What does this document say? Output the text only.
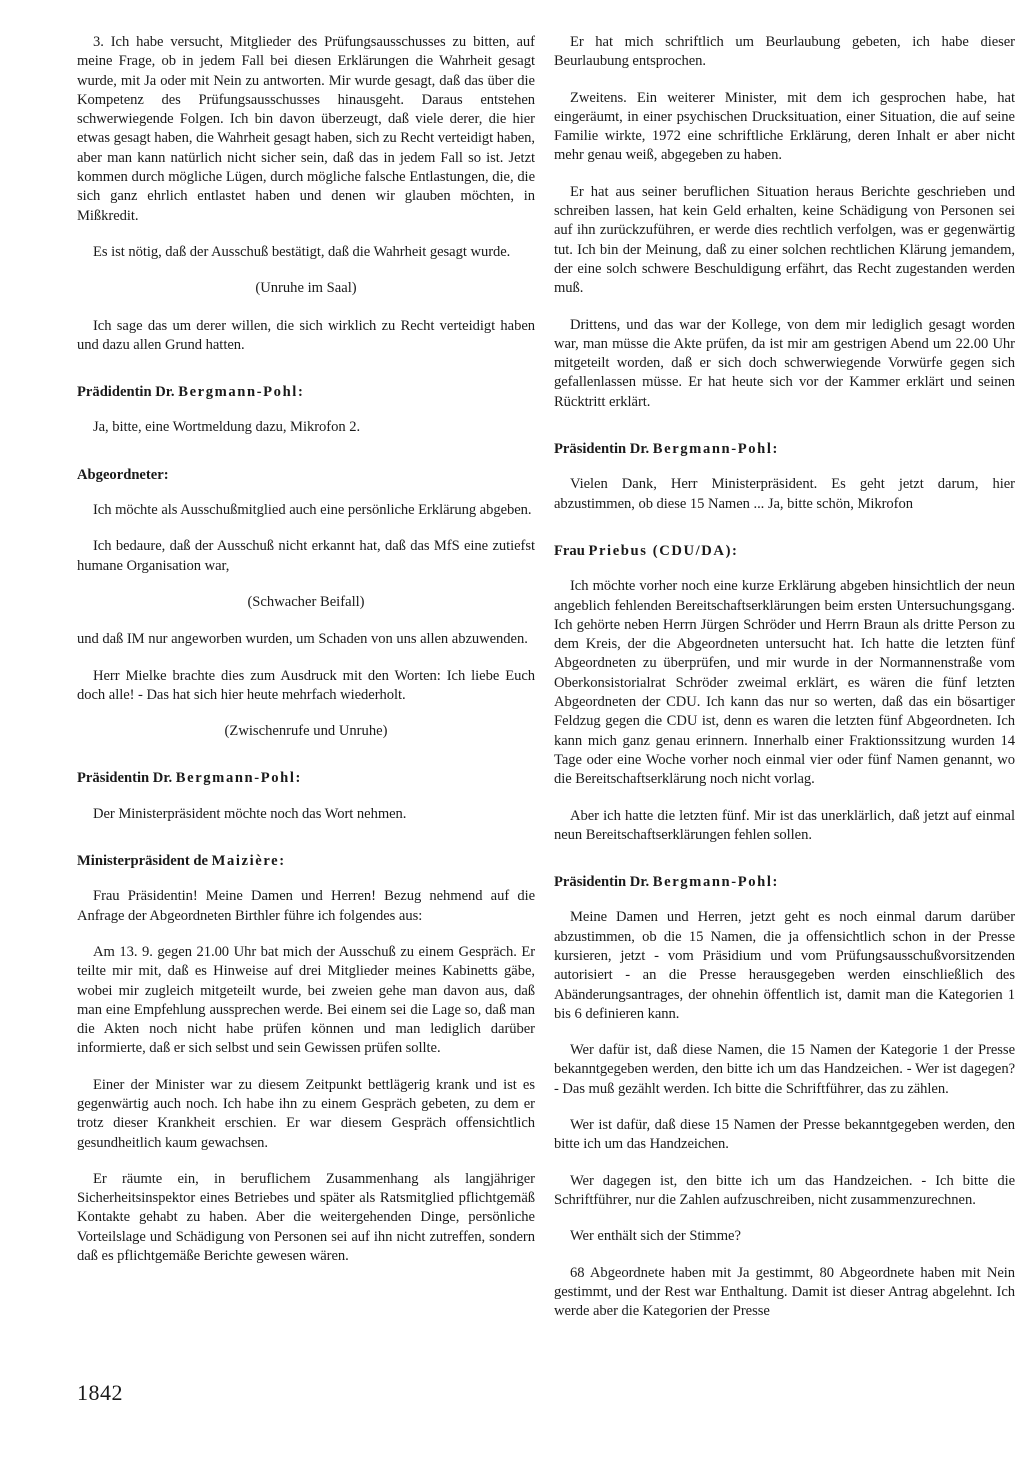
3. Ich habe versucht, Mitglieder des Prüfungsausschusses zu bitten, auf meine Frage, ob in jedem Fall bei diesen Erklärungen die Wahrheit gesagt wurde, mit Ja oder mit Nein zu antworten. Mir wurde gesagt, daß das über die Kompetenz des Prüfungsausschusses hinausgeht. Daraus entstehen schwerwiegende Folgen. Ich bin davon überzeugt, daß viele derer, die hier etwas gesagt haben, die Wahrheit gesagt haben, sich zu Recht verteidigt haben, aber man kann natürlich nicht sicher sein, daß das in jedem Fall so ist. Jetzt kommen durch mögliche Lügen, durch mögliche falsche Entlastungen, die, die sich ganz ehrlich entlastet haben und denen wir glauben möchten, in Mißkredit.

Es ist nötig, daß der Ausschuß bestätigt, daß die Wahrheit gesagt wurde.

(Unruhe im Saal)

Ich sage das um derer willen, die sich wirklich zu Recht verteidigt haben und dazu allen Grund hatten.

Prädidentin Dr. Bergmann-Pohl:

Ja, bitte, eine Wortmeldung dazu, Mikrofon 2.

Abgeordneter:

Ich möchte als Ausschußmitglied auch eine persönliche Erklärung abgeben.

Ich bedaure, daß der Ausschuß nicht erkannt hat, daß das MfS eine zutiefst humane Organisation war,

(Schwacher Beifall)

und daß IM nur angeworben wurden, um Schaden von uns allen abzuwenden.

Herr Mielke brachte dies zum Ausdruck mit den Worten: Ich liebe Euch doch alle! - Das hat sich hier heute mehrfach wiederholt.

(Zwischenrufe und Unruhe)

Präsidentin Dr. Bergmann-Pohl:

Der Ministerpräsident möchte noch das Wort nehmen.

Ministerpräsident de Maizière:

Frau Präsidentin! Meine Damen und Herren! Bezug nehmend auf die Anfrage der Abgeordneten Birthler führe ich folgendes aus:

Am 13. 9. gegen 21.00 Uhr bat mich der Ausschuß zu einem Gespräch. Er teilte mir mit, daß es Hinweise auf drei Mitglieder meines Kabinetts gäbe, wobei mir zugleich mitgeteilt wurde, bei zweien gehe man davon aus, daß man eine Empfehlung aussprechen werde. Bei einem sei die Lage so, daß man die Akten noch nicht habe prüfen können und man lediglich darüber informierte, daß er sich selbst und sein Gewissen prüfen sollte.

Einer der Minister war zu diesem Zeitpunkt bettlägerig krank und ist es gegenwärtig auch noch. Ich habe ihn zu einem Gespräch gebeten, zu dem er trotz dieser Krankheit erschien. Er war diesem Gespräch offensichtlich gesundheitlich kaum gewachsen.

Er räumte ein, in beruflichem Zusammenhang als langjähriger Sicherheitsinspektor eines Betriebes und später als Ratsmitglied pflichtgemäß Kontakte gehabt zu haben. Aber die weitergehenden Dinge, persönliche Vorteilslage und Schädigung von Personen sei auf ihn nicht zutreffen, sondern daß es pflichtgemäße Berichte gewesen wären.

Er hat mich schriftlich um Beurlaubung gebeten, ich habe dieser Beurlaubung entsprochen.

Zweitens. Ein weiterer Minister, mit dem ich gesprochen habe, hat eingeräumt, in einer psychischen Drucksituation, einer Situation, die auf seine Familie wirkte, 1972 eine schriftliche Erklärung, deren Inhalt er aber nicht mehr genau weiß, abgegeben zu haben.

Er hat aus seiner beruflichen Situation heraus Berichte geschrieben und schreiben lassen, hat kein Geld erhalten, keine Schädigung von Personen sei auf ihn zurückzuführen, er werde dies rechtlich verfolgen, was er gegenwärtig tut. Ich bin der Meinung, daß zu einer solchen rechtlichen Klärung jemandem, der eine solch schwere Beschuldigung erfährt, das Recht zugestanden werden muß.

Drittens, und das war der Kollege, von dem mir lediglich gesagt worden war, man müsse die Akte prüfen, da ist mir am gestrigen Abend um 22.00 Uhr mitgeteilt worden, daß er sich doch schwerwiegende Vorwürfe gegen sich gefallenlassen müsse. Er hat heute sich vor der Kammer erklärt und seinen Rücktritt erklärt.

Präsidentin Dr. Bergmann-Pohl:

Vielen Dank, Herr Ministerpräsident. Es geht jetzt darum, hier abzustimmen, ob diese 15 Namen ... Ja, bitte schön, Mikrofon

Frau Priebus (CDU/DA):

Ich möchte vorher noch eine kurze Erklärung abgeben hinsichtlich der neun angeblich fehlenden Bereitschaftserklärungen beim ersten Untersuchungsgang. Ich gehörte neben Herrn Jürgen Schröder und Herrn Braun als dritte Person zu dem Kreis, der die Abgeordneten untersucht hat. Ich hatte die letzten fünf Abgeordneten zu überprüfen, und mir wurde in der Normannenstraße vom Oberkonsistorialrat Schröder zweimal erklärt, es wären die fünf letzten Abgeordneten der CDU. Ich kann das nur so werten, daß das ein bösartiger Feldzug gegen die CDU ist, denn es waren die letzten fünf Abgeordneten. Ich kann mich ganz genau erinnern. Innerhalb einer Fraktionssitzung wurden 14 Tage oder eine Woche vorher noch einmal vier oder fünf Namen genannt, wo die Bereitschaftserklärung noch nicht vorlag.

Aber ich hatte die letzten fünf. Mir ist das unerklärlich, daß jetzt auf einmal neun Bereitschaftserklärungen fehlen sollen.

Präsidentin Dr. Bergmann-Pohl:

Meine Damen und Herren, jetzt geht es noch einmal darum darüber abzustimmen, ob die 15 Namen, die ja offensichtlich schon in der Presse kursieren, jetzt - vom Präsidium und vom Prüfungsausschußvorsitzenden autorisiert - an die Presse herausgegeben werden einschließlich des Abänderungsantrages, der ohnehin öffentlich ist, damit man die Kategorien 1 bis 6 definieren kann.

Wer dafür ist, daß diese Namen, die 15 Namen der Kategorie 1 der Presse bekanntgegeben werden, den bitte ich um das Handzeichen. - Wer ist dagegen? - Das muß gezählt werden. Ich bitte die Schriftführer, das zu zählen.

Wer ist dafür, daß diese 15 Namen der Presse bekanntgegeben werden, den bitte ich um das Handzeichen.

Wer dagegen ist, den bitte ich um das Handzeichen. - Ich bitte die Schriftführer, nur die Zahlen aufzuschreiben, nicht zusammenzurechnen.

Wer enthält sich der Stimme?

68 Abgeordnete haben mit Ja gestimmt, 80 Abgeordnete haben mit Nein gestimmt, und der Rest war Enthaltung. Damit ist dieser Antrag abgelehnt. Ich werde aber die Kategorien der Presse

1842
